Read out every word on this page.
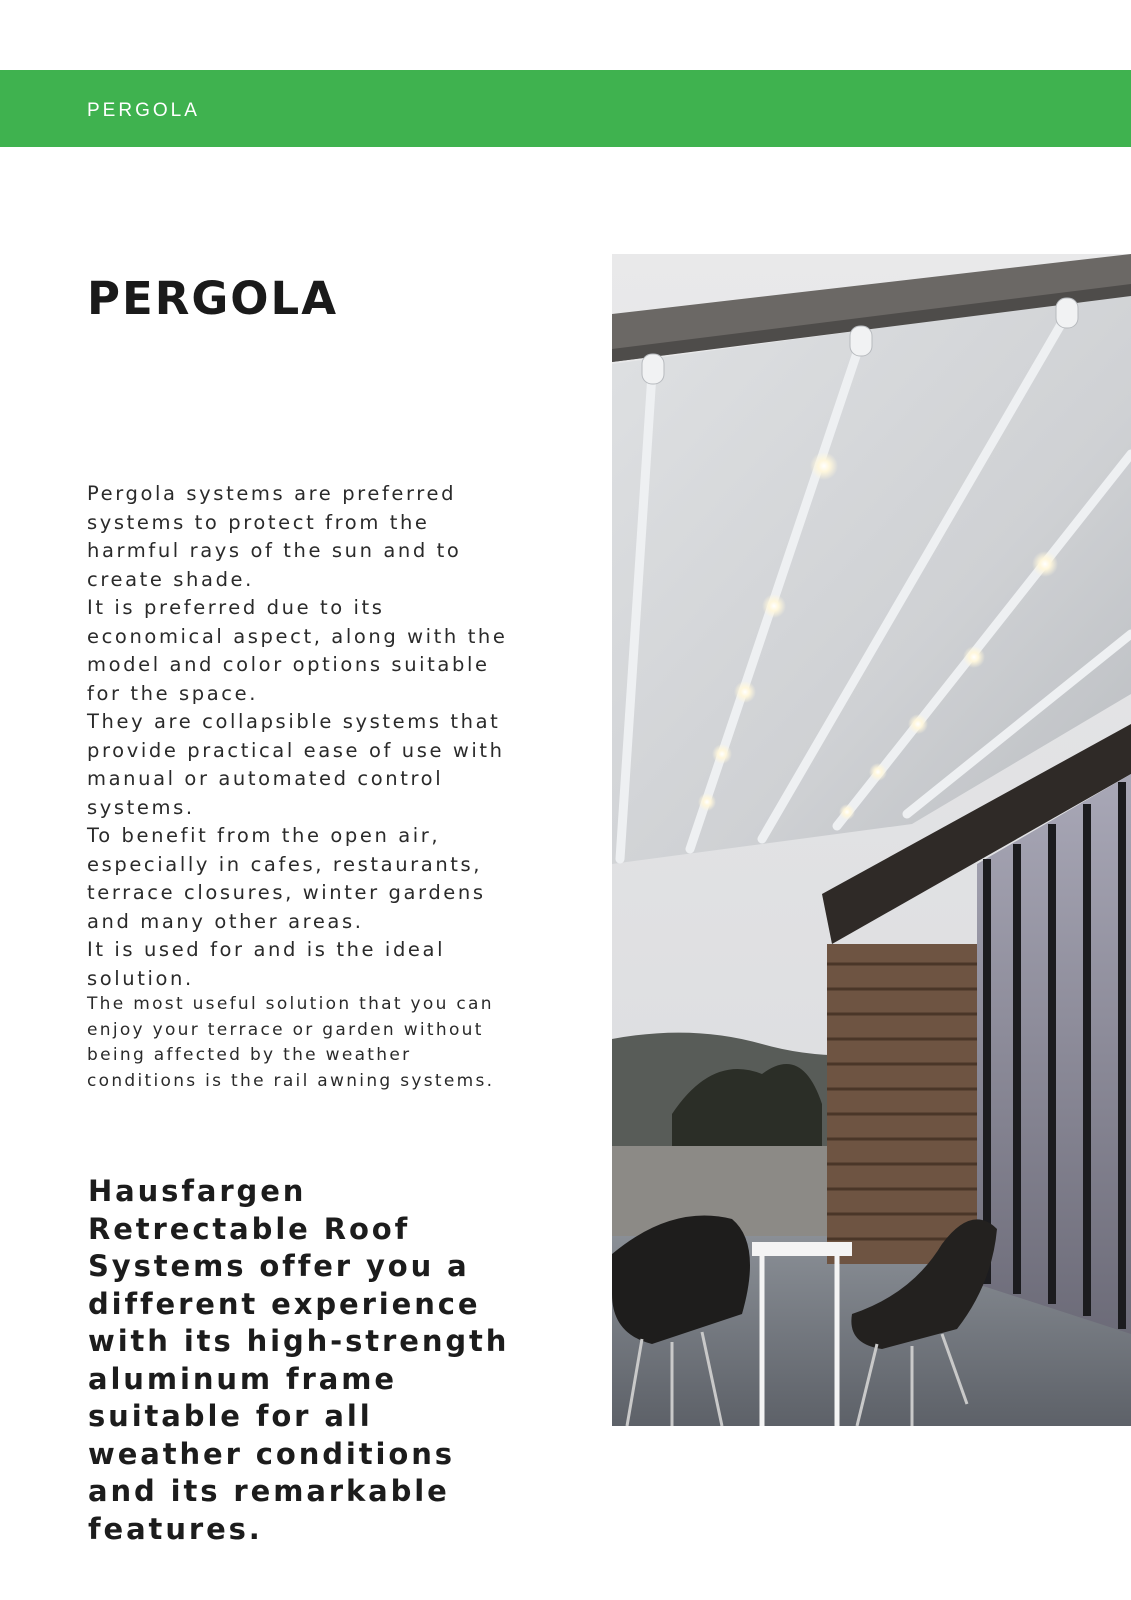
PERGOLA
PERGOLA

Pergola systems are preferred systems to protect from the harmful rays of the sun and to create shade.

It is preferred due to its economical aspect, along with the model and color options suitable for the space.

They are collapsible systems that provide practical ease of use with manual or automated control systems.

To benefit from the open air, especially in cafes, restaurants, terrace closures, winter gardens and many other areas.

It is used for and is the ideal solution.

The most useful solution that you can enjoy your terrace or garden without being affected by the weather conditions is the rail awning systems.

Hausfargen Retrectable Roof Systems offer you a different experience with its high-strength aluminum frame suitable for all weather conditions and its remarkable features.
